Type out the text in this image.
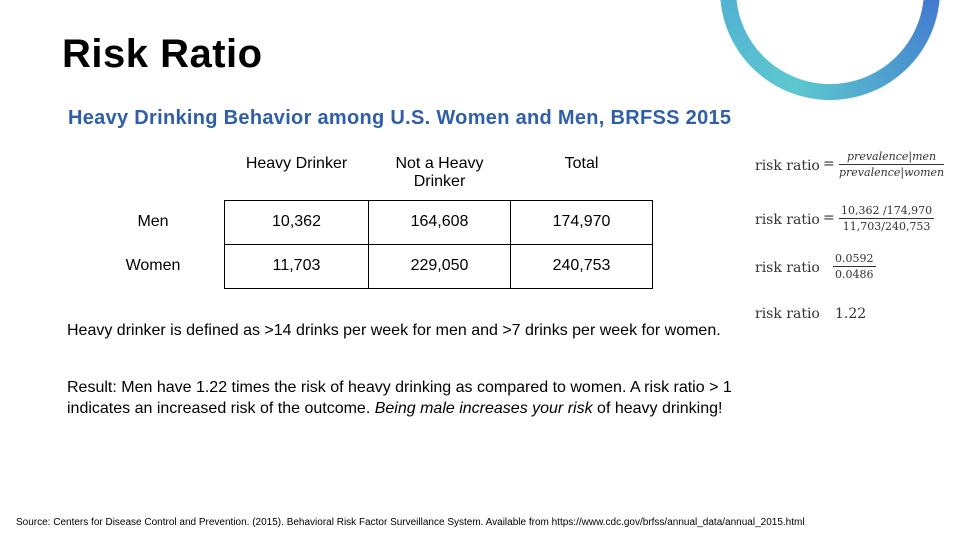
Risk Ratio
Heavy Drinking Behavior among U.S. Women and Men, BRFSS 2015
	Heavy Drinker	Not a Heavy Drinker	Total
Men	10,362	164,608	174,970
Women	11,703	229,050	240,753
risk ratio =	prevalence|men
prevalence|women
risk ratio = $\frac{10,362 /174,970}{11,703/240,753}$
risk ratio $\frac{0.0592}{0.0486}$
risk ratio 1.22
Heavy drinker is defined as >14 drinks per week for men and >7 drinks per week for women.
Result: Men have 1.22 times the risk of heavy drinking as compared to women. A risk ratio > 1 indicates an increased risk of the outcome. Being male increases your risk of heavy drinking!
Source: Centers for Disease Control and Prevention. (2015). Behavioral Risk Factor Surveillance System. Available from https://www.cdc.gov/brfss/annual_data/annual_2015.html
